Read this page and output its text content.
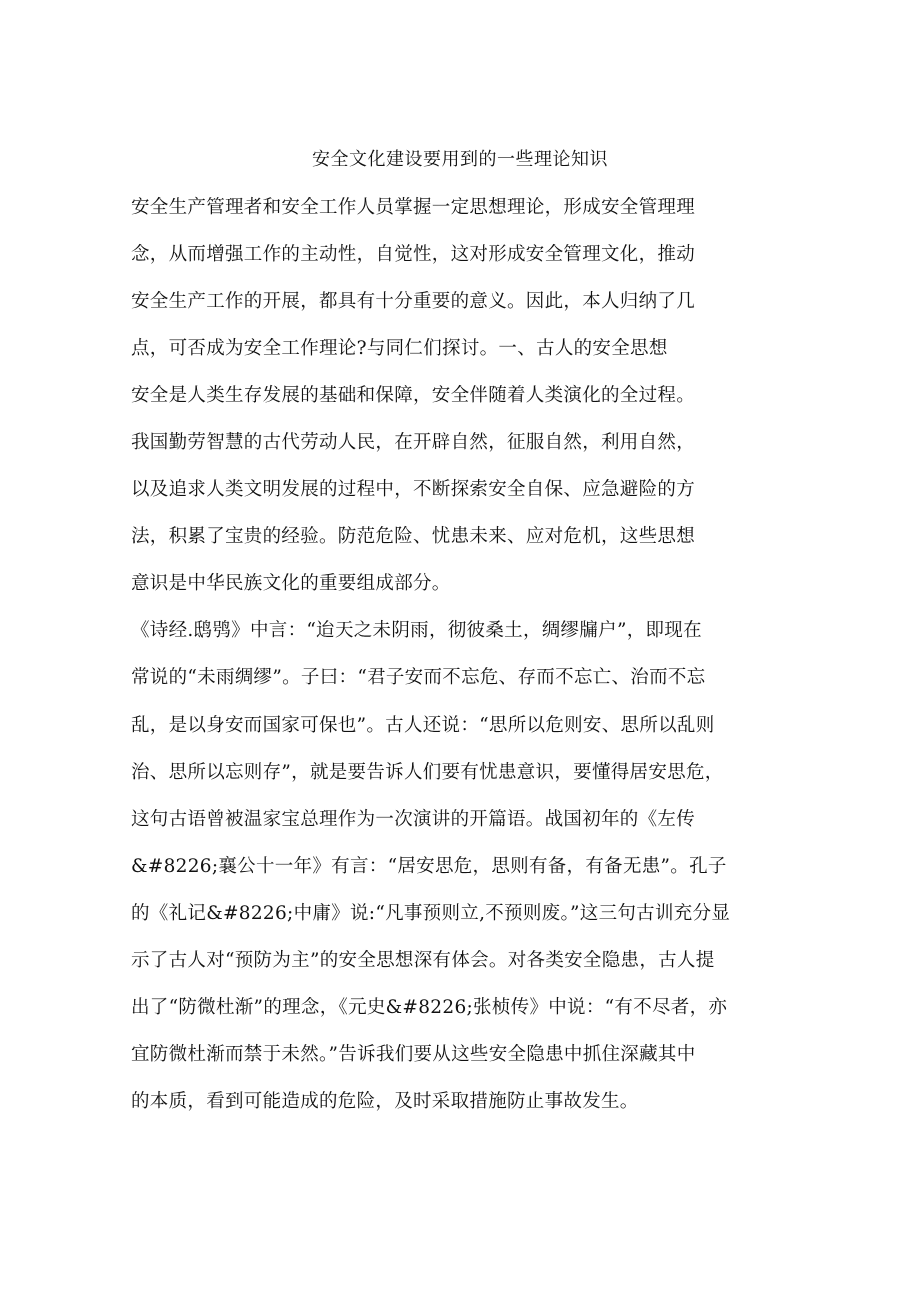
安全文化建设要用到的一些理论知识
安全生产管理者和安全工作人员掌握一定思想理论，形成安全管理理
念，从而增强工作的主动性，自觉性，这对形成安全管理文化，推动
安全生产工作的开展，都具有十分重要的意义。因此，本人归纳了几
点，可否成为安全工作理论?与同仁们探讨。一、古人的安全思想
安全是人类生存发展的基础和保障，安全伴随着人类演化的全过程。
我国勤劳智慧的古代劳动人民，在开辟自然，征服自然，利用自然，
以及追求人类文明发展的过程中，不断探索安全自保、应急避险的方
法，积累了宝贵的经验。防范危险、忧患未来、应对危机，这些思想
意识是中华民族文化的重要组成部分。
《诗经.鸱鸮》中言：“迨天之未阴雨，彻彼桑土，绸缪牖户”，即现在
常说的“未雨绸缪”。子曰：“君子安而不忘危、存而不忘亡、治而不忘
乱，是以身安而国家可保也”。古人还说：“思所以危则安、思所以乱则
治、思所以忘则存”，就是要告诉人们要有忧患意识，要懂得居安思危，
这句古语曾被温家宝总理作为一次演讲的开篇语。战国初年的《左传
&#8226;襄公十一年》有言：“居安思危，思则有备，有备无患”。孔子
的《礼记&#8226;中庸》说:“凡事预则立,不预则废。”这三句古训充分显
示了古人对“预防为主”的安全思想深有体会。对各类安全隐患，古人提
出了“防微杜渐”的理念，《元史&#8226;张桢传》中说：“有不尽者，亦
宜防微杜渐而禁于未然。”告诉我们要从这些安全隐患中抓住深藏其中
的本质，看到可能造成的危险，及时采取措施防止事故发生。
